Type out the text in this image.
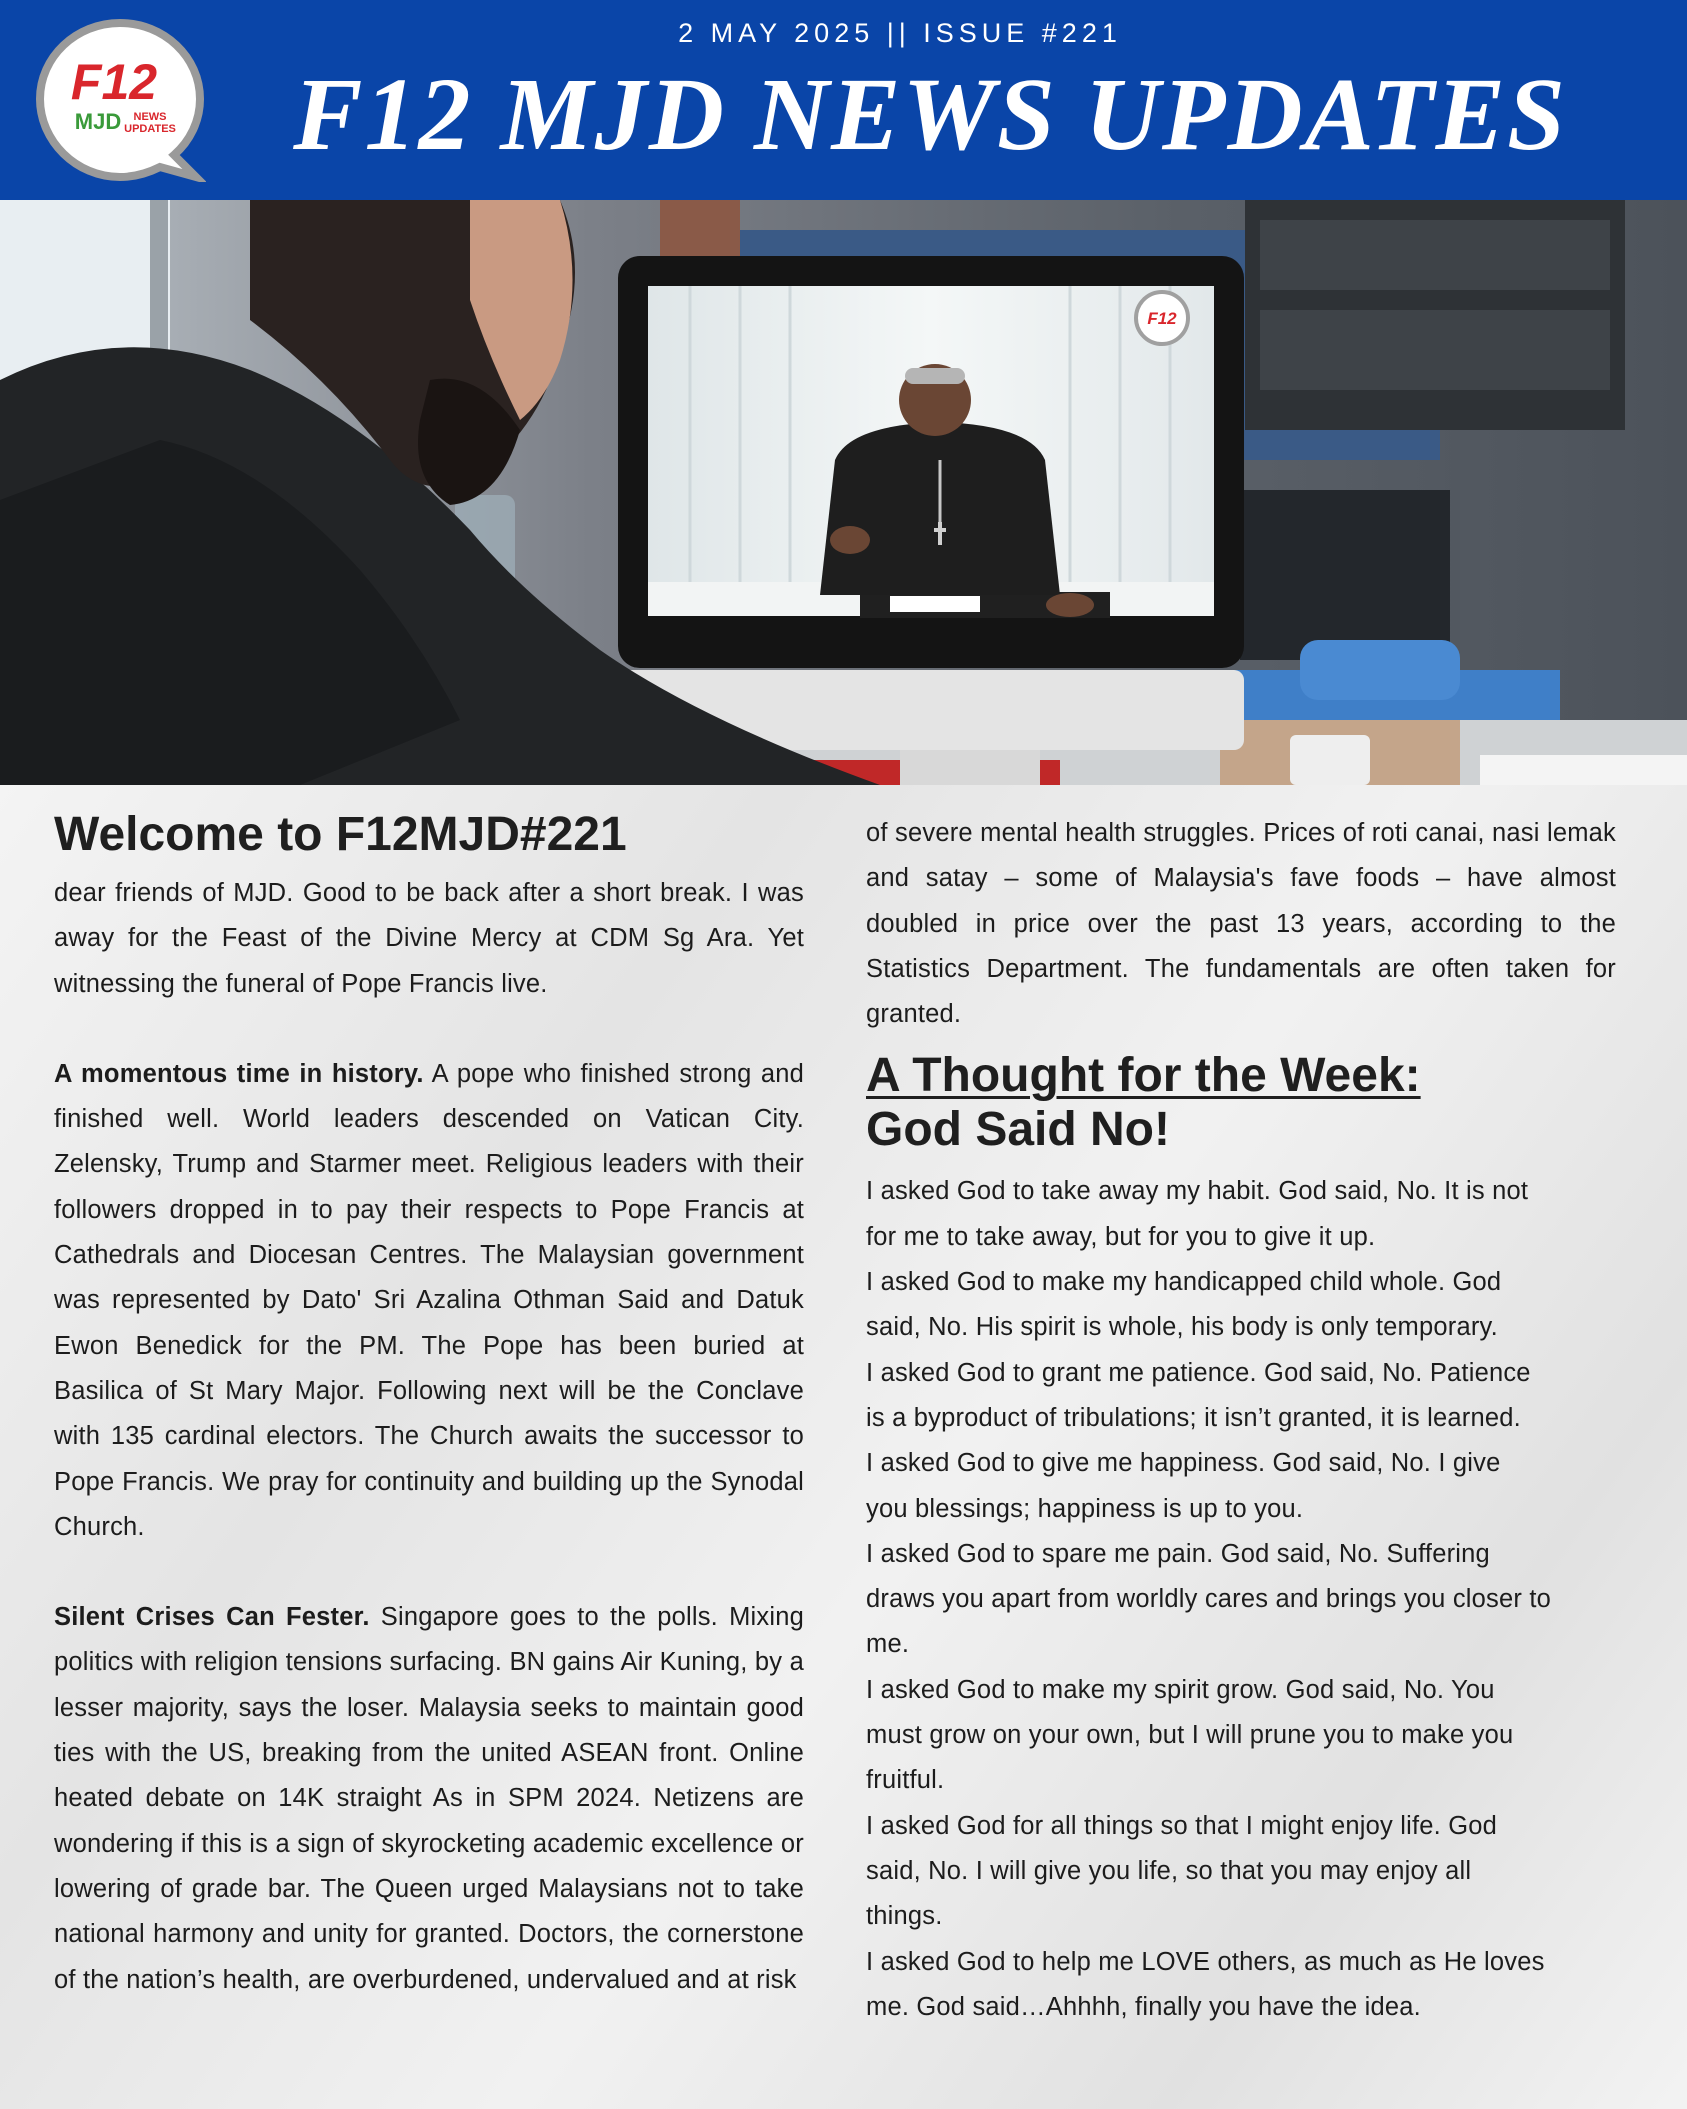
2 MAY 2025 || ISSUE #221
F12 MJD NEWS UPDATES
F12
MJD NEWS
UPDATES
F12
Welcome to F12MJD#221

dear friends of MJD. Good to be back after a short break. I was away for the Feast of the Divine Mercy at CDM Sg Ara. Yet witnessing the funeral of Pope Francis live.

A momentous time in history. A pope who finished strong and finished well. World leaders descended on Vatican City. Zelensky, Trump and Starmer meet. Religious leaders with their followers dropped in to pay their respects to Pope Francis at Cathedrals and Diocesan Centres. The Malaysian government was represented by Dato' Sri Azalina Othman Said and Datuk Ewon Benedick for the PM. The Pope has been buried at Basilica of St Mary Major. Following next will be the Conclave with 135 cardinal electors. The Church awaits the successor to Pope Francis. We pray for continuity and building up the Synodal Church.

Silent Crises Can Fester. Singapore goes to the polls. Mixing politics with religion tensions surfacing. BN gains Air Kuning, by a lesser majority, says the loser. Malaysia seeks to maintain good ties with the US, breaking from the united ASEAN front. Online heated debate on 14K straight As in SPM 2024. Netizens are wondering if this is a sign of skyrocketing academic excellence or lowering of grade bar. The Queen urged Malaysians not to take national harmony and unity for granted. Doctors, the cornerstone of the nation’s health, are overburdened, undervalued and at risk

of severe mental health struggles. Prices of roti canai, nasi lemak and satay – some of Malaysia's fave foods – have almost doubled in price over the past 13 years, according to the Statistics Department. The fundamentals are often taken for granted.

A Thought for the Week:
God Said No!
I asked God to take away my habit. God said, No. It is not
for me to take away, but for you to give it up.
I asked God to make my handicapped child whole. God
said, No. His spirit is whole, his body is only temporary.
I asked God to grant me patience. God said, No. Patience
is a byproduct of tribulations; it isn’t granted, it is learned.
I asked God to give me happiness. God said, No. I give
you blessings; happiness is up to you.
I asked God to spare me pain. God said, No. Suffering
draws you apart from worldly cares and brings you closer to
me.
I asked God to make my spirit grow. God said, No. You
must grow on your own, but I will prune you to make you
fruitful.
I asked God for all things so that I might enjoy life. God
said, No. I will give you life, so that you may enjoy all
things.
I asked God to help me LOVE others, as much as He loves
me. God said…Ahhhh, finally you have the idea.
